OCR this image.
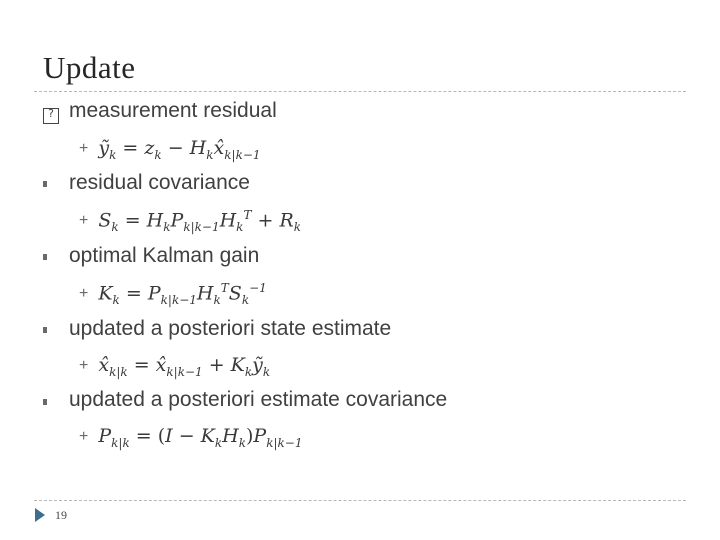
Update
? measurement residual
+ ỹ$_k$ = $z_k$ − $H_kx̂_{k|k-1}$
residual covariance
+ $S_k = H_kP_{k|k-1}H_k^T + R_k$
optimal Kalman gain
+ $K_k = P_{k|k-1}H_k^TS_k^{-1}$
updated a posteriori state estimate
+ $x̂_{k|k}$ = $x̂_{k|k-1}$ + $K_kỹ_k$
updated a posteriori estimate covariance
+ $P_{k|k} = (I - K_kH_k)P_{k|k-1}$
19
